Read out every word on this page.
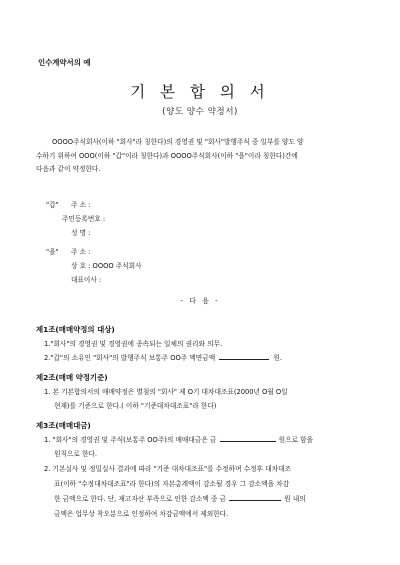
인수계약서의 예
기 본 합 의 서
(양도 양수 약정서)
OOOO주식회사(이하 "회사"라 칭한다)의 경영권 및 "회사"발행주식 중 일부를 양도 양
수하기 위하여 OOO(이하 "갑"이라 칭한다)과 OOOO주식회사(이하 "을"이라 칭한다)간에
다음과 같이 약정한다.
"갑" 주 소 :
주민등록번호 :
성 명 :
"을" 주 소 :
상 호 : OOOO 주식회사
대표이사 :
- 다 음 -
제1조(매매약정의 대상)
1."회사"의 경영권 및 경영권에 종속되는 일체의 권리와 의무.
2."갑"의 소유인 "회사"의 발행주식 보통주 OO주 액면금액	원.
제2조(매매 약정기준)
1. 본 기본합의서의 매매약정은 별첨의 "회사" 제 O기 대차대조표(2000년 O월 O일
현재)를 기준으로 한다.( 이하 "기준대차대조표"라 한다)
제3조(매매대금)
1. "회사"의 경영권 및 주식(보통주 OO주)의 매매대금은 금	원으로 함을
원칙으로 한다.
2. 기본실사 및 정밀실사 결과에 따라 "기준 대차대조표"를 수정하며 수정후 대차대조
표(이하 "수정대차대조표"라 한다)의 자본총계액이 감소될 경우 그 감소액을 차감
한 금액으로 한다. 단, 재고자산 부족으로 인한 감소액 중 금	원 내의
금액은 업무상 착오분으로 인정하여 차감금액에서 제외한다.
